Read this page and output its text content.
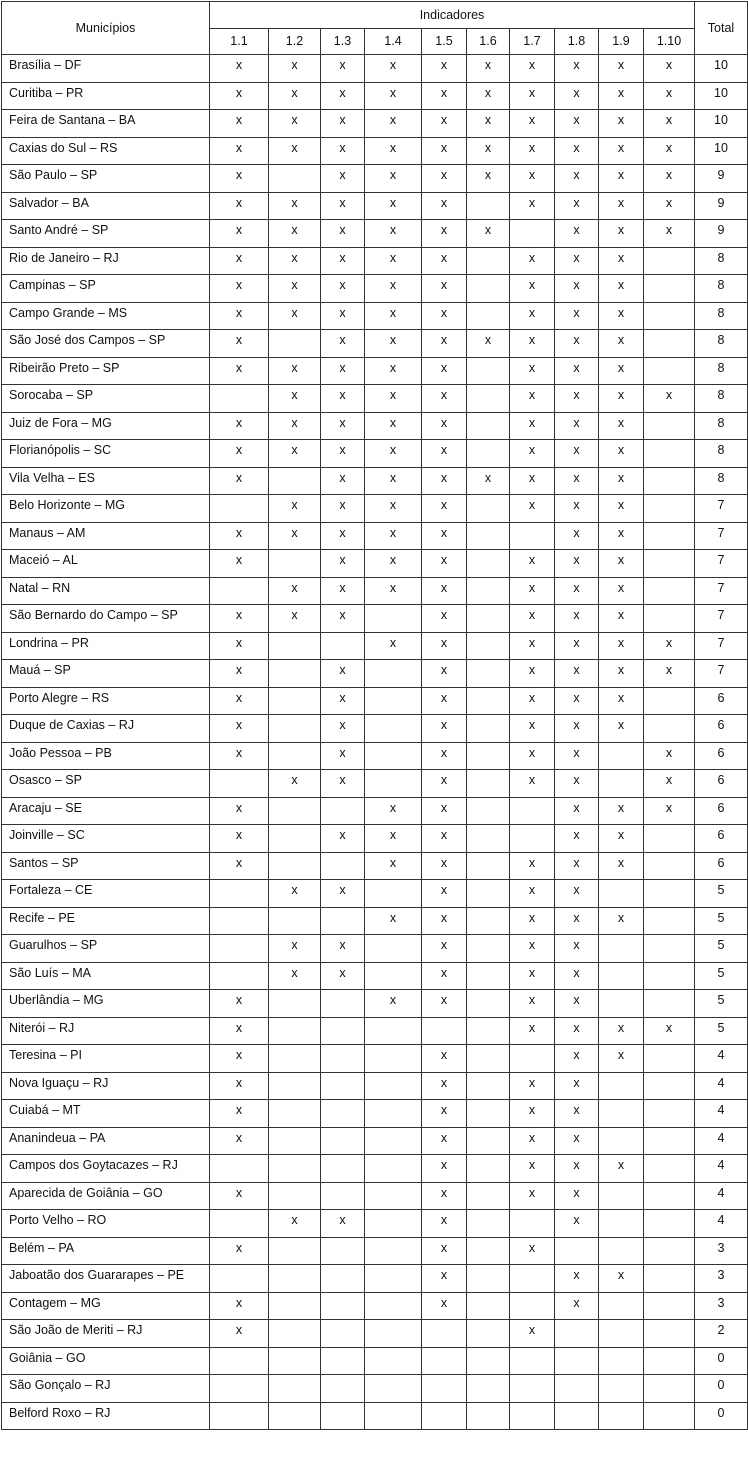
Municípios	Indicadores										Total
	1.1	1.2	1.3	1.4	1.5	1.6	1.7	1.8	1.9	1.10	
Brasília – DF	x	x	x	x	x	x	x	x	x	x	10
Curitiba – PR	x	x	x	x	x	x	x	x	x	x	10
Feira de Santana – BA	x	x	x	x	x	x	x	x	x	x	10
Caxias do Sul – RS	x	x	x	x	x	x	x	x	x	x	10
São Paulo – SP	x		x	x	x	x	x	x	x	x	9
Salvador – BA	x	x	x	x	x		x	x	x	x	9
Santo André – SP	x	x	x	x	x	x		x	x	x	9
Rio de Janeiro – RJ	x	x	x	x	x		x	x	x		8
Campinas – SP	x	x	x	x	x		x	x	x		8
Campo Grande – MS	x	x	x	x	x		x	x	x		8
São José dos Campos – SP	x		x	x	x	x	x	x	x		8
Ribeirão Preto – SP	x	x	x	x	x		x	x	x		8
Sorocaba – SP		x	x	x	x		x	x	x	x	8
Juiz de Fora – MG	x	x	x	x	x		x	x	x		8
Florianópolis – SC	x	x	x	x	x		x	x	x		8
Vila Velha – ES	x		x	x	x	x	x	x	x		8
Belo Horizonte – MG		x	x	x	x		x	x	x		7
Manaus – AM	x	x	x	x	x			x	x		7
Maceió – AL	x		x	x	x		x	x	x		7
Natal – RN		x	x	x	x		x	x	x		7
São Bernardo do Campo – SP	x	x	x		x		x	x	x		7
Londrina – PR	x			x	x		x	x	x	x	7
Mauá – SP	x		x		x		x	x	x	x	7
Porto Alegre – RS	x		x		x		x	x	x		6
Duque de Caxias – RJ	x		x		x		x	x	x		6
João Pessoa – PB	x		x		x		x	x		x	6
Osasco – SP		x	x		x		x	x		x	6
Aracaju – SE	x			x	x			x	x	x	6
Joinville – SC	x		x	x	x			x	x		6
Santos – SP	x			x	x		x	x	x		6
Fortaleza – CE		x	x		x		x	x			5
Recife – PE				x	x		x	x	x		5
Guarulhos – SP		x	x		x		x	x			5
São Luís – MA		x	x		x		x	x			5
Uberlândia – MG	x			x	x		x	x			5
Niterói – RJ	x						x	x	x	x	5
Teresina – PI	x				x			x	x		4
Nova Iguaçu – RJ	x				x		x	x			4
Cuiabá – MT	x				x		x	x			4
Ananindeua – PA	x				x		x	x			4
Campos dos Goytacazes – RJ					x		x	x	x		4
Aparecida de Goiânia – GO	x				x		x	x			4
Porto Velho – RO		x	x		x			x			4
Belém – PA	x				x		x				3
Jaboatão dos Guararapes – PE					x			x	x		3
Contagem – MG	x				x			x			3
São João de Meriti – RJ	x						x				2
Goiânia – GO											0
São Gonçalo – RJ											0
Belford Roxo – RJ											0
